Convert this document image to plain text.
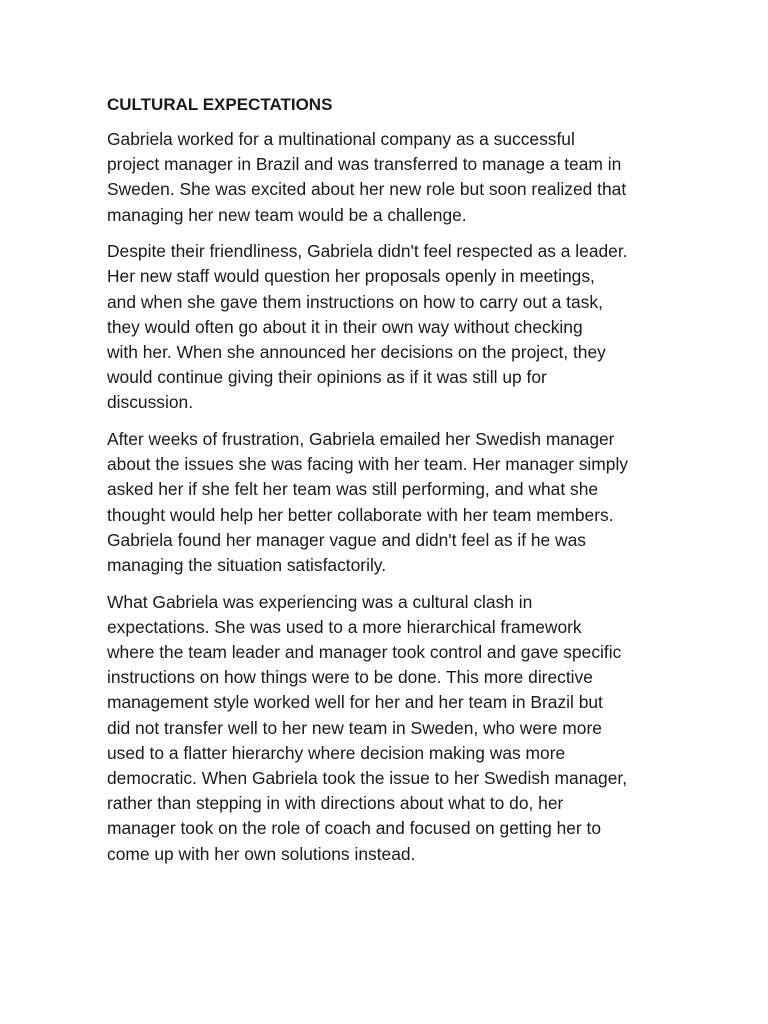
CULTURAL EXPECTATIONS
Gabriela worked for a multinational company as a successful
project manager in Brazil and was transferred to manage a team in
Sweden. She was excited about her new role but soon realized that
managing her new team would be a challenge.
Despite their friendliness, Gabriela didn't feel respected as a leader.
Her new staff would question her proposals openly in meetings,
and when she gave them instructions on how to carry out a task,
they would often go about it in their own way without checking
with her. When she announced her decisions on the project, they
would continue giving their opinions as if it was still up for
discussion.
After weeks of frustration, Gabriela emailed her Swedish manager
about the issues she was facing with her team. Her manager simply
asked her if she felt her team was still performing, and what she
thought would help her better collaborate with her team members.
Gabriela found her manager vague and didn't feel as if he was
managing the situation satisfactorily.
What Gabriela was experiencing was a cultural clash in
expectations. She was used to a more hierarchical framework
where the team leader and manager took control and gave specific
instructions on how things were to be done. This more directive
management style worked well for her and her team in Brazil but
did not transfer well to her new team in Sweden, who were more
used to a flatter hierarchy where decision making was more
democratic. When Gabriela took the issue to her Swedish manager,
rather than stepping in with directions about what to do, her
manager took on the role of coach and focused on getting her to
come up with her own solutions instead.
